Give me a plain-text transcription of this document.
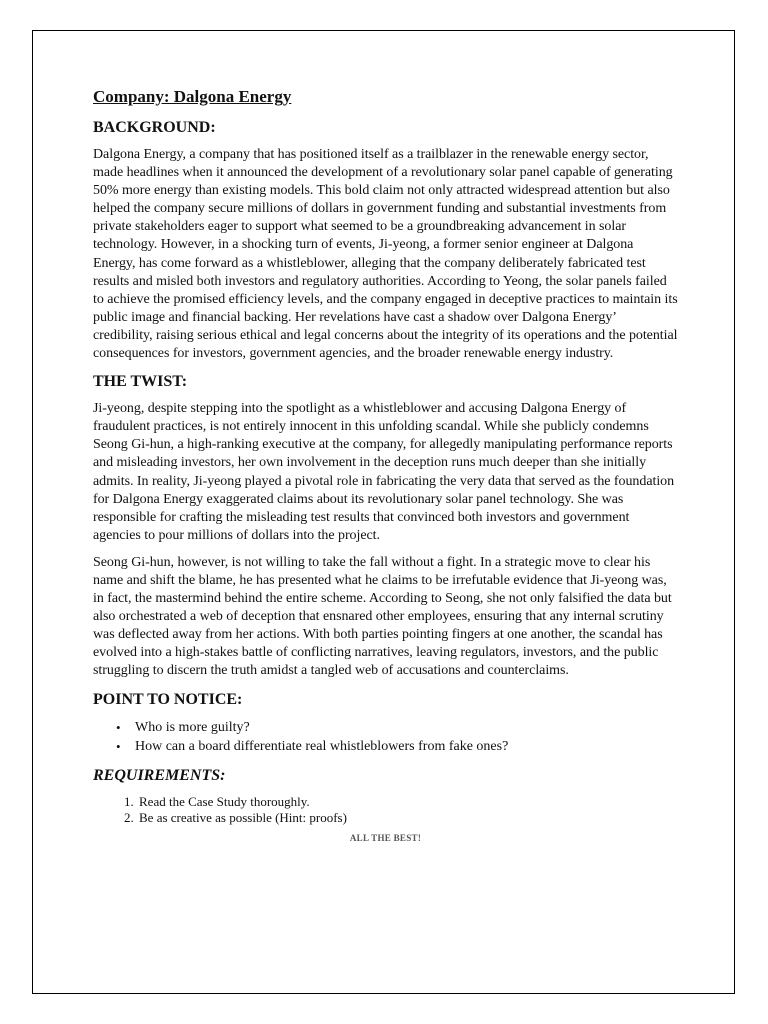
Company: Dalgona Energy
BACKGROUND:

Dalgona Energy, a company that has positioned itself as a trailblazer in the renewable energy sector, made headlines when it announced the development of a revolutionary solar panel capable of generating 50% more energy than existing models. This bold claim not only attracted widespread attention but also helped the company secure millions of dollars in government funding and substantial investments from private stakeholders eager to support what seemed to be a groundbreaking advancement in solar technology. However, in a shocking turn of events, Ji-yeong, a former senior engineer at Dalgona Energy, has come forward as a whistleblower, alleging that the company deliberately fabricated test results and misled both investors and regulatory authorities. According to Yeong, the solar panels failed to achieve the promised efficiency levels, and the company engaged in deceptive practices to maintain its public image and financial backing. Her revelations have cast a shadow over Dalgona Energy’ credibility, raising serious ethical and legal concerns about the integrity of its operations and the potential consequences for investors, government agencies, and the broader renewable energy industry.

THE TWIST:

Ji-yeong, despite stepping into the spotlight as a whistleblower and accusing Dalgona Energy of fraudulent practices, is not entirely innocent in this unfolding scandal. While she publicly condemns Seong Gi-hun, a high-ranking executive at the company, for allegedly manipulating performance reports and misleading investors, her own involvement in the deception runs much deeper than she initially admits. In reality, Ji-yeong played a pivotal role in fabricating the very data that served as the foundation for Dalgona Energy exaggerated claims about its revolutionary solar panel technology. She was responsible for crafting the misleading test results that convinced both investors and government agencies to pour millions of dollars into the project.

Seong Gi-hun, however, is not willing to take the fall without a fight. In a strategic move to clear his name and shift the blame, he has presented what he claims to be irrefutable evidence that Ji-yeong was, in fact, the mastermind behind the entire scheme. According to Seong, she not only falsified the data but also orchestrated a web of deception that ensnared other employees, ensuring that any internal scrutiny was deflected away from her actions. With both parties pointing fingers at one another, the scandal has evolved into a high-stakes battle of conflicting narratives, leaving regulators, investors, and the public struggling to discern the truth amidst a tangled web of accusations and counterclaims.

POINT TO NOTICE:
• Who is more guilty?
• How can a board differentiate real whistleblowers from fake ones?
REQUIREMENTS:
1. Read the Case Study thoroughly.
2. Be as creative as possible (Hint: proofs)
ALL THE BEST!
